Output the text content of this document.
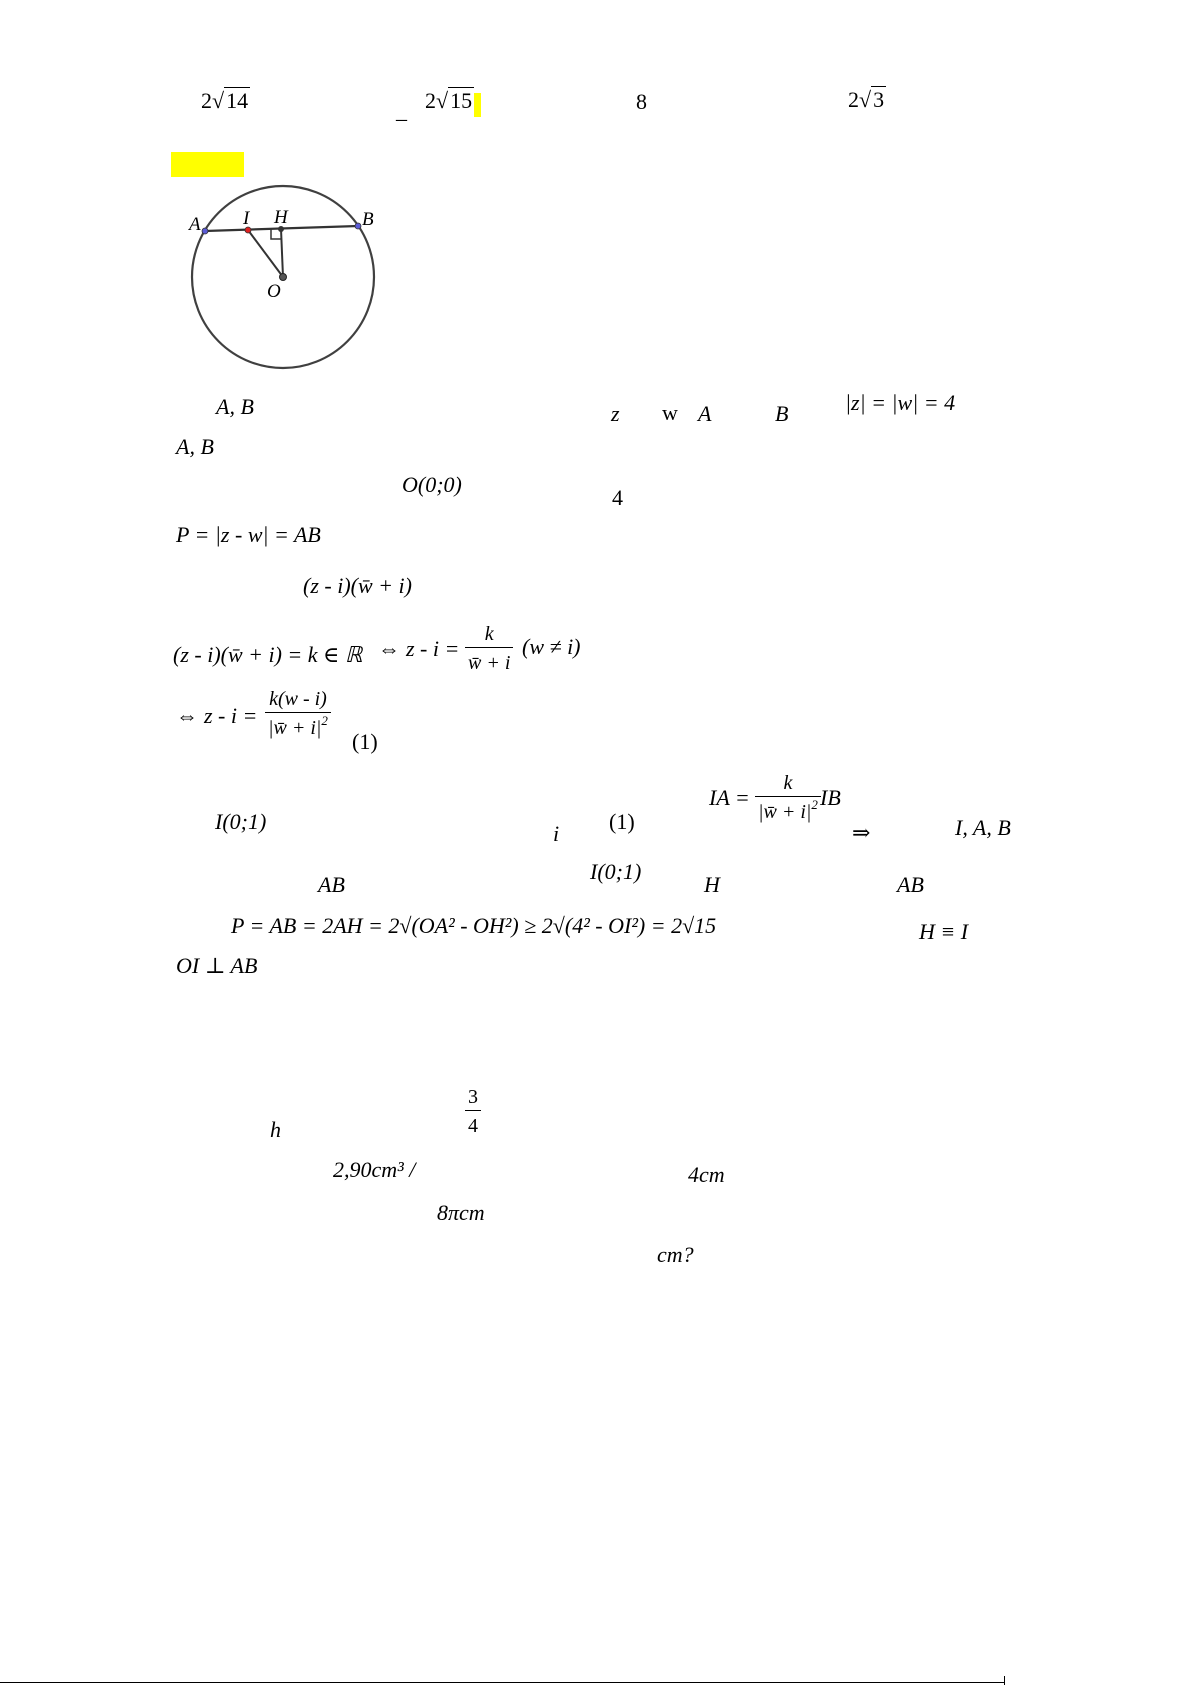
2√14	_ 2√15	8	2√3
A I H	B
O
A, B	z w A	B	|z| = |w| = 4
A, B
O(0;0)
4
P = |z - w| = AB
(z - i)(w̄ + i)
(z - i)(w̄ + i) = k ∈ ℝ ⇔ $z - i = \frac{k}{w̄ + i} (w \ne i)$
⇔ $z - i = \frac{k(w - i)}{|w̄ + i|^2} (1)$
I(0;1)	i (1)
IA = $\frac{k}{|w̄ + i|^2}$ IB
⇒	I, A, B
AB
I(0;1)
H	AB
P = AB = 2AH = 2√(OA² - OH²) ≥ 2√(4² - OI²) = 2√15	H ≡ I
OI ⊥ AB
$\frac{3}{4}$
h
2,90cm³ /	4cm
8πcm
cm?
